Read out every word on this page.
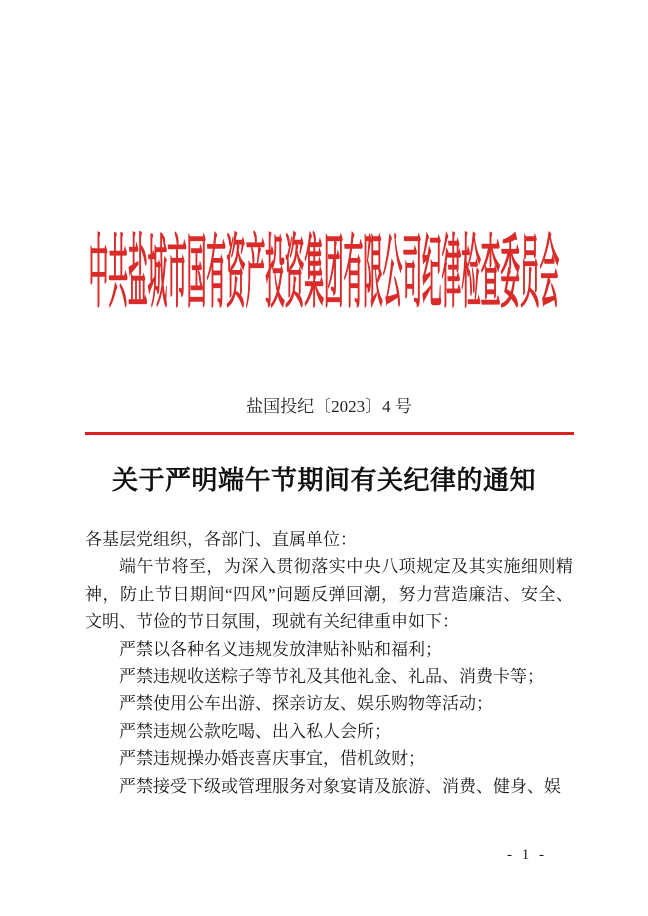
中共盐城市国有资产投资集团有限公司纪律检查委员会
盐国投纪〔2023〕4 号
关于严明端午节期间有关纪律的通知

各基层党组织，各部门、直属单位：

端午节将至，为深入贯彻落实中央八项规定及其实施细则精神，防止节日期间“四风”问题反弹回潮，努力营造廉洁、安全、文明、节俭的节日氛围，现就有关纪律重申如下：

严禁以各种名义违规发放津贴补贴和福利；

严禁违规收送粽子等节礼及其他礼金、礼品、消费卡等；

严禁使用公车出游、探亲访友、娱乐购物等活动；

严禁违规公款吃喝、出入私人会所；

严禁违规操办婚丧喜庆事宜，借机敛财；

严禁接受下级或管理服务对象宴请及旅游、消费、健身、娱

- 1 -
